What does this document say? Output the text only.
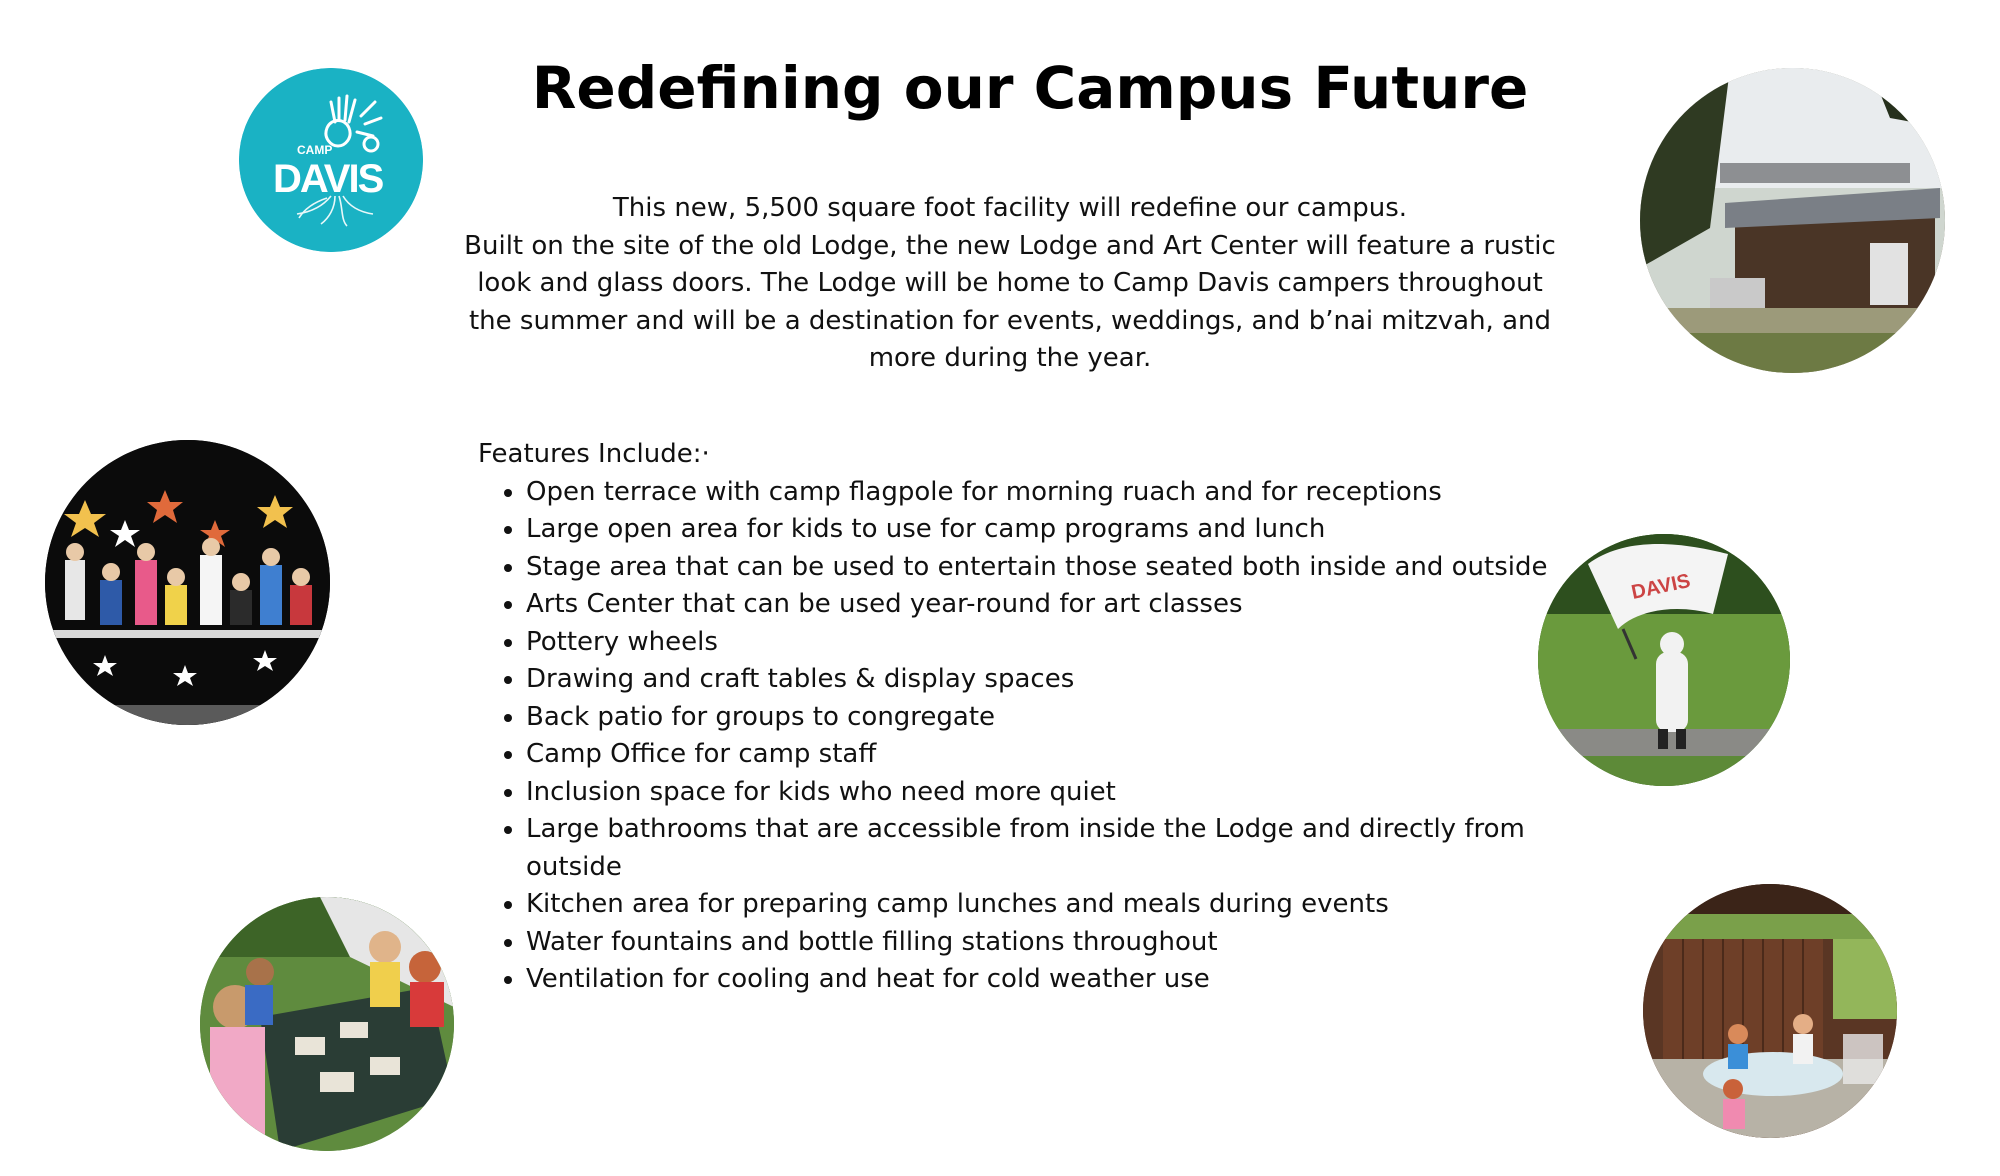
Redefining our Campus Future

This new, 5,500 square foot facility will redefine our campus.

Built on the site of the old Lodge, the new Lodge and Art Center will feature a rustic look and glass doors. The Lodge will be home to Camp Davis campers throughout the summer and will be a destination for events, weddings, and b’nai mitzvah, and more during the year.

Features Include:·

• Open terrace with camp flagpole for morning ruach and for receptions
• Large open area for kids to use for camp programs and lunch
• Stage area that can be used to entertain those seated both inside and outside
• Arts Center that can be used year-round for art classes
• Pottery wheels
• Drawing and craft tables & display spaces
• Back patio for groups to congregate
• Camp Office for camp staff
• Inclusion space for kids who need more quiet
• Large bathrooms that are accessible from inside the Lodge and directly from outside
• Kitchen area for preparing camp lunches and meals during events
• Water fountains and bottle filling stations throughout
• Ventilation for cooling and heat for cold weather use
CAMP
DAVIS
DAVIS
